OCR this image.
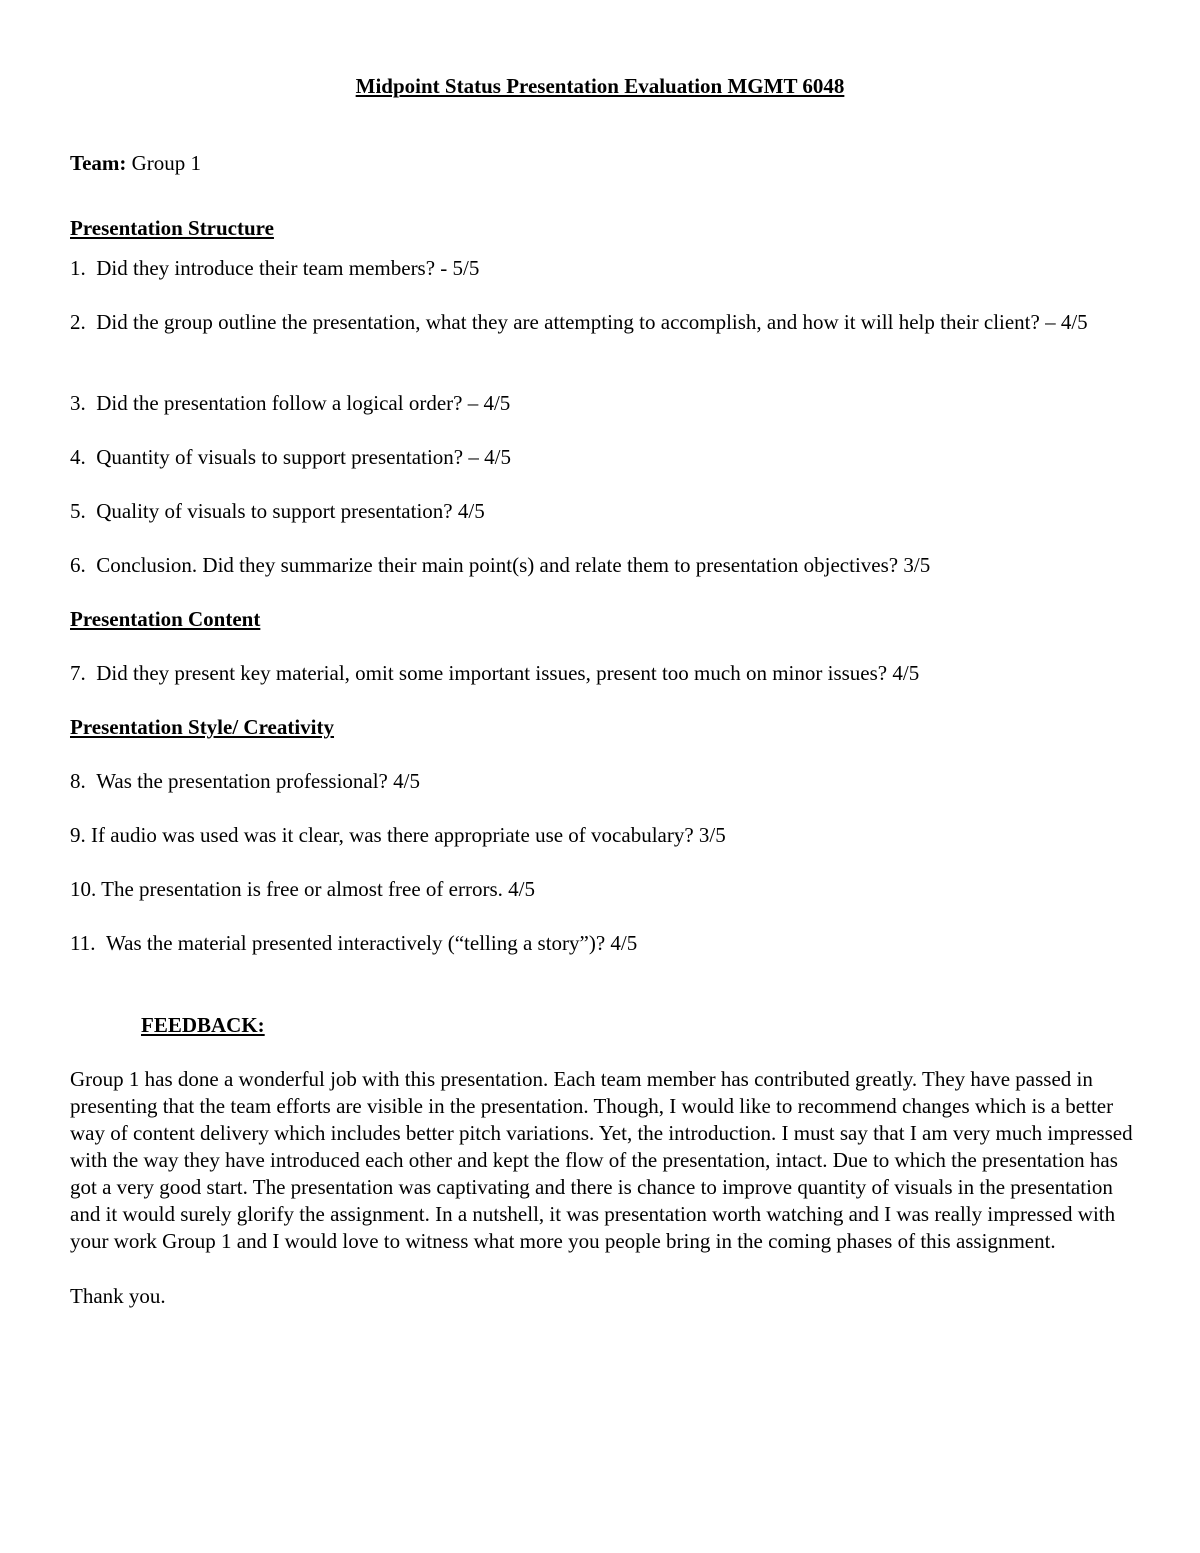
Midpoint Status Presentation Evaluation MGMT 6048
Team: Group 1
Presentation Structure
1. Did they introduce their team members? - 5/5
2. Did the group outline the presentation, what they are attempting to accomplish, and how it will help their client? – 4/5
3. Did the presentation follow a logical order? – 4/5
4. Quantity of visuals to support presentation? – 4/5
5. Quality of visuals to support presentation? 4/5
6. Conclusion. Did they summarize their main point(s) and relate them to presentation objectives? 3/5
Presentation Content
7. Did they present key material, omit some important issues, present too much on minor issues? 4/5
Presentation Style/ Creativity
8. Was the presentation professional? 4/5
9. If audio was used was it clear, was there appropriate use of vocabulary? 3/5
10. The presentation is free or almost free of errors. 4/5
11. Was the material presented interactively (“telling a story”)? 4/5
FEEDBACK:
Group 1 has done a wonderful job with this presentation. Each team member has contributed greatly. They have passed in presenting that the team efforts are visible in the presentation. Though, I would like to recommend changes which is a better way of content delivery which includes better pitch variations. Yet, the introduction. I must say that I am very much impressed with the way they have introduced each other and kept the flow of the presentation, intact. Due to which the presentation has got a very good start. The presentation was captivating and there is chance to improve quantity of visuals in the presentation and it would surely glorify the assignment. In a nutshell, it was presentation worth watching and I was really impressed with your work Group 1 and I would love to witness what more you people bring in the coming phases of this assignment.
Thank you.
